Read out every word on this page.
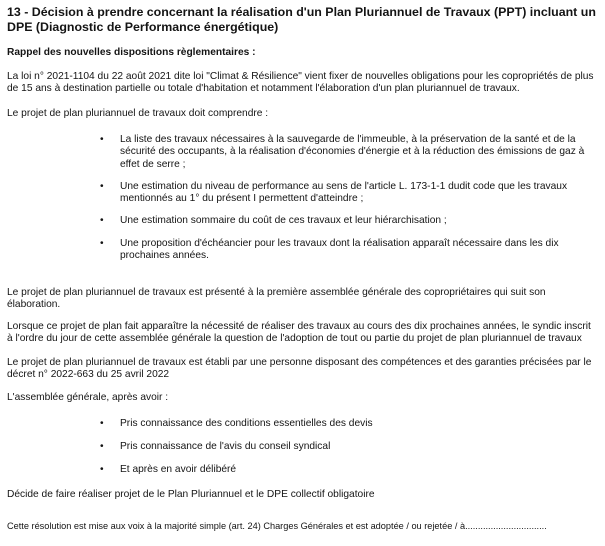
13 - Décision à prendre concernant la réalisation d'un Plan Pluriannuel de Travaux (PPT) incluant un DPE (Diagnostic de Performance énergétique)

Rappel des nouvelles dispositions règlementaires :

La loi n° 2021-1104 du 22 août 2021 dite loi "Climat & Résilience" vient fixer de nouvelles obligations pour les copropriétés de plus de 15 ans à destination partielle ou totale d'habitation et notamment l'élaboration d'un plan pluriannuel de travaux.

Le projet de plan pluriannuel de travaux doit comprendre :

•	La liste des travaux nécessaires à la sauvegarde de l'immeuble, à la préservation de la santé et de la sécurité des occupants, à la réalisation d'économies d'énergie et à la réduction des émissions de gaz à effet de serre ;
•	Une estimation du niveau de performance au sens de l'article L. 173-1-1 dudit code que les travaux mentionnés au 1° du présent I permettent d'atteindre ;
•	Une estimation sommaire du coût de ces travaux et leur hiérarchisation ;
•	Une proposition d'échéancier pour les travaux dont la réalisation apparaît nécessaire dans les dix prochaines années.

Le projet de plan pluriannuel de travaux est présenté à la première assemblée générale des copropriétaires qui suit son élaboration.

Lorsque ce projet de plan fait apparaître la nécessité de réaliser des travaux au cours des dix prochaines années, le syndic inscrit à l'ordre du jour de cette assemblée générale la question de l'adoption de tout ou partie du projet de plan pluriannuel de travaux

Le projet de plan pluriannuel de travaux est établi par une personne disposant des compétences et des garanties précisées par le décret n° 2022-663 du 25 avril 2022

L'assemblée générale, après avoir :

•	Pris connaissance des conditions essentielles des devis
•	Pris connaissance de l'avis du conseil syndical
•	Et après en avoir délibéré

Décide de faire réaliser projet de le Plan Pluriannuel et le DPE collectif obligatoire

Cette résolution est mise aux voix à la majorité simple (art. 24) Charges Générales et est adoptée / ou rejetée / à................................
